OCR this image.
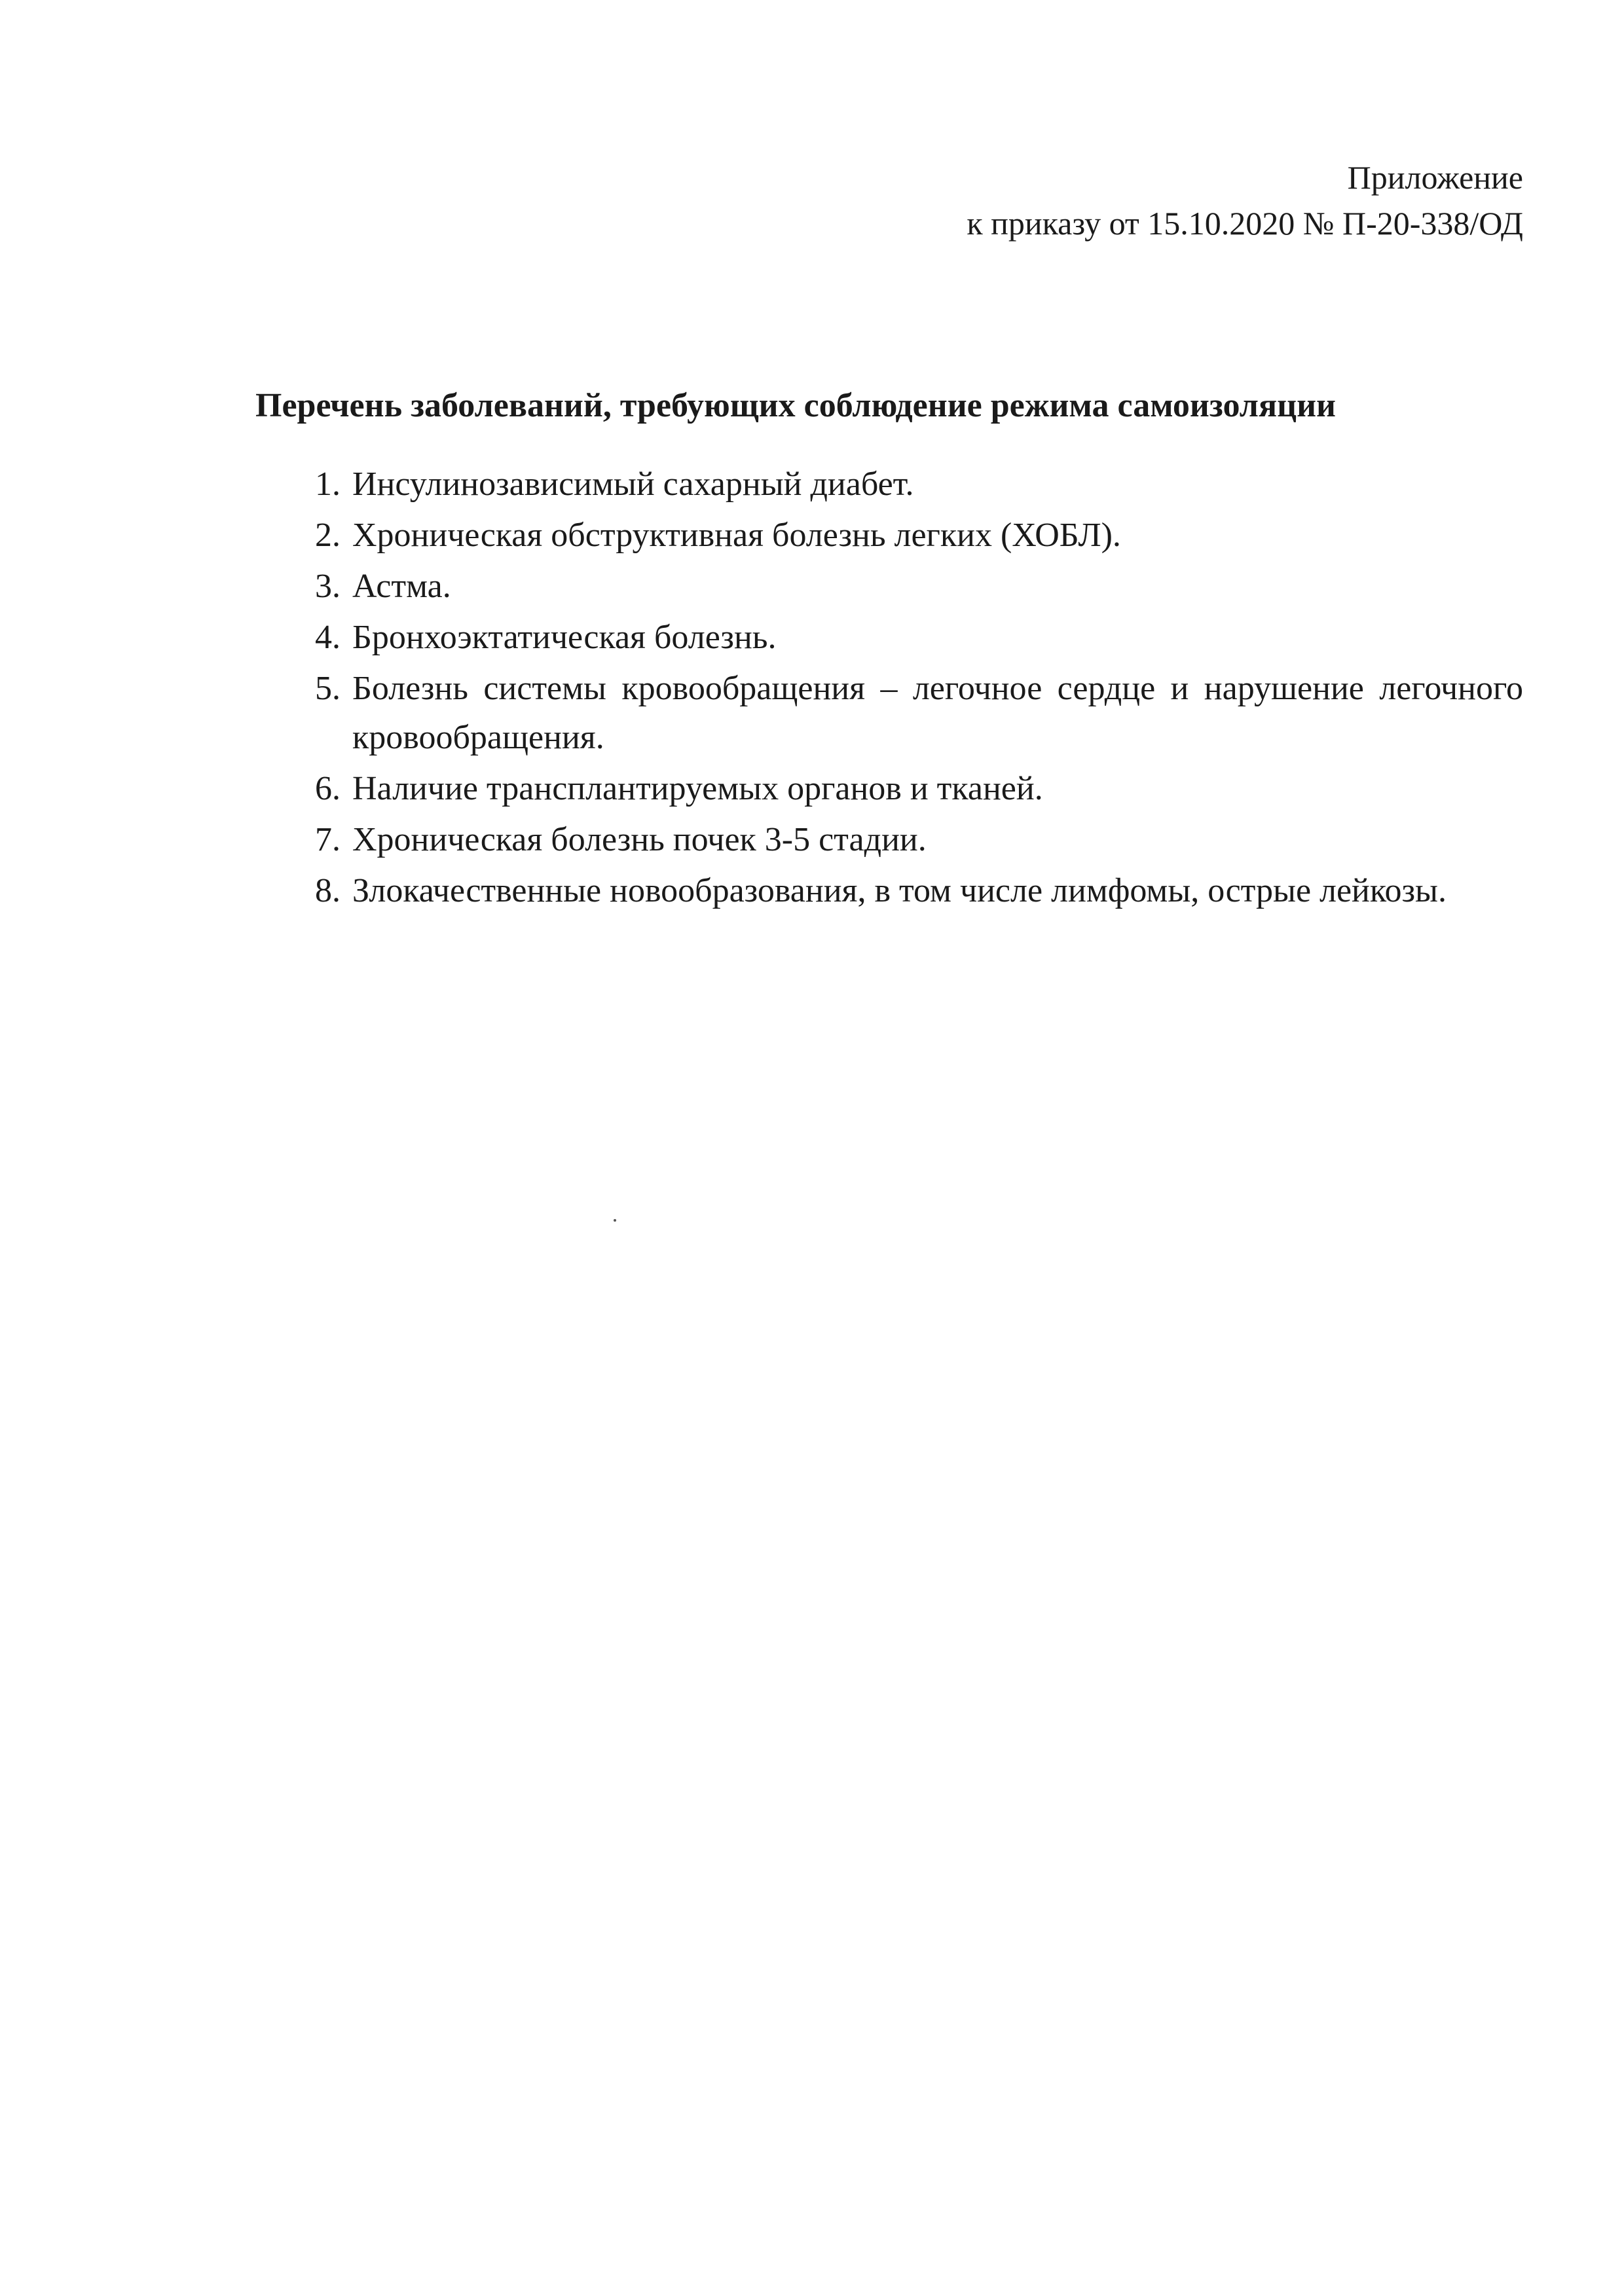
Приложение
к приказу от 15.10.2020 № П-20-338/ОД
Перечень заболеваний, требующих соблюдение режима самоизоляции
1. Инсулинозависимый сахарный диабет.
2. Хроническая обструктивная болезнь легких (ХОБЛ).
3. Астма.
4. Бронхоэктатическая болезнь.
5. Болезнь системы кровообращения – легочное сердце и нарушение легочного кровообращения.
6. Наличие трансплантируемых органов и тканей.
7. Хроническая болезнь почек 3-5 стадии.
8. Злокачественные новообразования, в том числе лимфомы, острые лейкозы.
